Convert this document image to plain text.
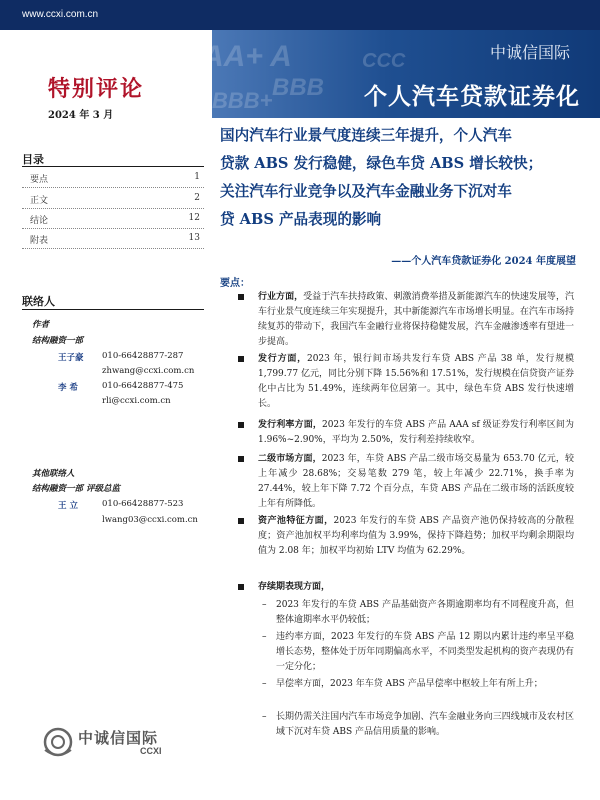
www.ccxi.com.cn
AA+ A
BBB
CCC
BBB+
中诚信国际
个人汽车贷款证券化
特别评论
2024 年 3 月
目录
要点	1
正文	2
结论	12
附表	13
联络人
作者
结构融资一部
王子豪 010-66428877-287
zhwang@ccxi.com.cn
李 希	010-66428877-475
rli@ccxi.com.cn
其他联络人
结构融资一部 评级总监
王 立	010-66428877-523
lwang03@ccxi.com.cn
国内汽车行业景气度连续三年提升，个人汽车
贷款 ABS 发行稳健，绿色车贷 ABS 增长较快；
关注汽车行业竞争以及汽车金融业务下沉对车
贷 ABS 产品表现的影响
——个人汽车贷款证券化 2024 年度展望
要点：
行业方面，受益于汽车扶持政策、刺激消费举措及新能源汽车的快速发展等，汽车行业景气度连续三年实现提升，其中新能源汽车市场增长明显。在汽车市场持续复苏的带动下，我国汽车金融行业将保持稳健发展，汽车金融渗透率有望进一步提高。
发行方面，2023 年，银行间市场共发行车贷 ABS 产品 38 单，发行规模 1,799.77 亿元，同比分别下降 15.56%和 17.51%，发行规模在信贷资产证券化中占比为 51.49%，连续两年位居第一。其中，绿色车贷 ABS 发行快速增长。
发行利率方面，2023 年发行的车贷 ABS 产品 AAA sf 级证券发行利率区间为 1.96%~2.90%，平均为 2.50%，发行利差持续收窄。
二级市场方面，2023 年，车贷 ABS 产品二级市场交易量为 653.70 亿元，较上年减少 28.68%；交易笔数 279 笔，较上年减少 22.71%，换手率为 27.44%，较上年下降 7.72 个百分点，车贷 ABS 产品在二级市场的活跃度较上年有所降低。
资产池特征方面，2023 年发行的车贷 ABS 产品资产池仍保持较高的分散程度；资产池加权平均利率均值为 3.99%，保持下降趋势；加权平均剩余期限均值为 2.08 年；加权平均初始 LTV 均值为 62.29%。
存续期表现方面，
– 2023 年发行的车贷 ABS 产品基础资产各期逾期率均有不同程度升高，但整体逾期率水平仍较低；
– 违约率方面，2023 年发行的车贷 ABS 产品 12 期以内累计违约率呈平稳增长态势，整体处于历年同期偏高水平，不同类型发起机构的资产表现仍有一定分化；
– 早偿率方面，2023 年车贷 ABS 产品早偿率中枢较上年有所上升；
– 长期仍需关注国内汽车市场竞争加剧、汽车金融业务向三四线城市及农村区域下沉对车贷 ABS 产品信用质量的影响。
中诚信国际
CCXI
